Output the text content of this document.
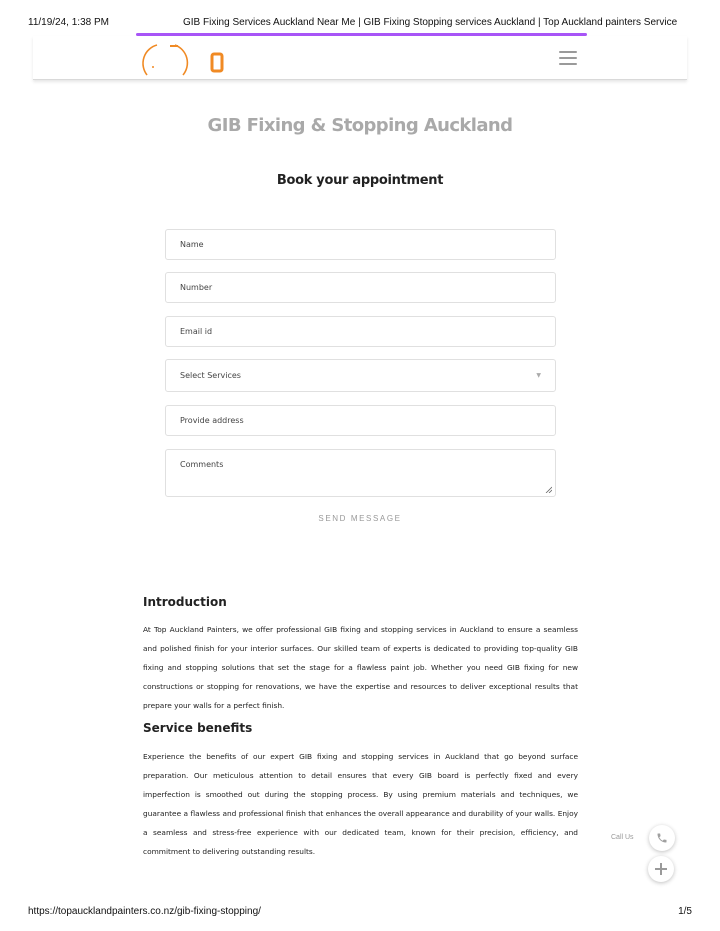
11/19/24, 1:38 PM	GIB Fixing Services Auckland Near Me | GIB Fixing Stopping services Auckland | Top Auckland painters Service
GIB Fixing & Stopping Auckland
Book your appointment
Name
Number
Email id
Select Services	▼
Provide address
Comments
SEND MESSAGE
Introduction

At Top Auckland Painters, we offer professional GIB fixing and stopping services in Auckland to ensure a seamless and polished finish for your interior surfaces. Our skilled team of experts is dedicated to providing top-quality GIB fixing and stopping solutions that set the stage for a flawless paint job. Whether you need GIB fixing for new constructions or stopping for renovations, we have the expertise and resources to deliver exceptional results that prepare your walls for a perfect finish.

Service benefits

Experience the benefits of our expert GIB fixing and stopping services in Auckland that go beyond surface preparation. Our meticulous attention to detail ensures that every GIB board is perfectly fixed and every imperfection is smoothed out during the stopping process. By using premium materials and techniques, we guarantee a flawless and professional finish that enhances the overall appearance and durability of your walls. Enjoy a seamless and stress-free experience with our dedicated team, known for their precision, efficiency, and commitment to delivering outstanding results.

Call Us
https://topaucklandpainters.co.nz/gib-fixing-stopping/	1/5
